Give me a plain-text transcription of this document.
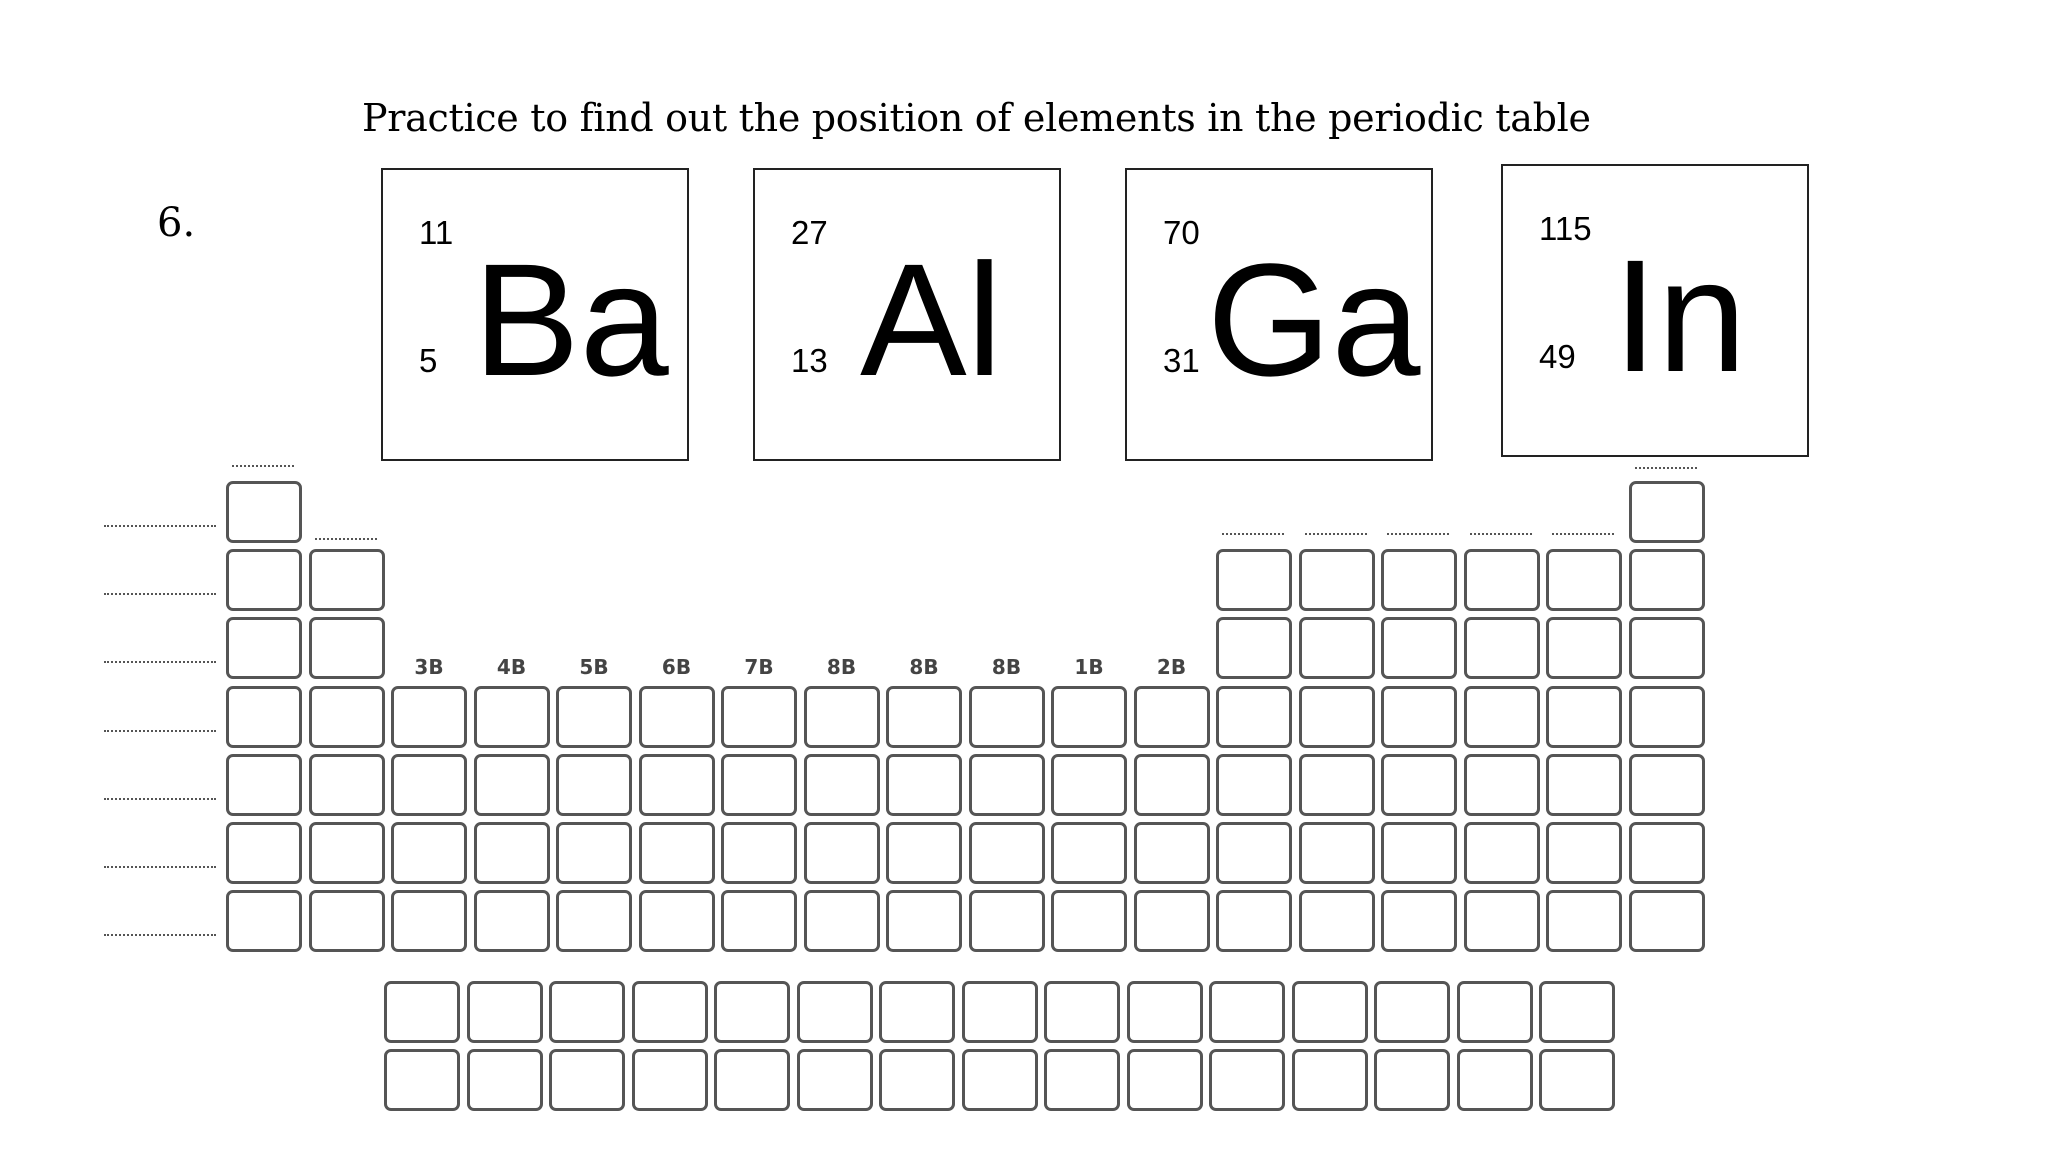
Practice to find out the position of elements in the periodic table
6.	11
5 Ba	27
13 Al	70
31 Ga
115
49 In
3B	4B	5B	6B	7B	8B	8B	8B	1B	2B
